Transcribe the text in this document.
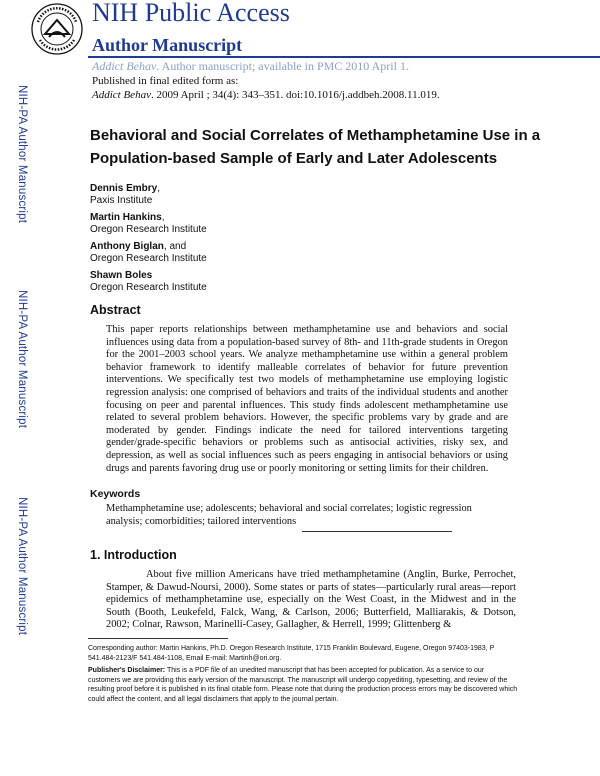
NIH Public Access
Author Manuscript
Addict Behav. Author manuscript; available in PMC 2010 April 1.
Published in final edited form as:
Addict Behav. 2009 April ; 34(4): 343–351. doi:10.1016/j.addbeh.2008.11.019.
NIH-PA Author Manuscript
NIH-PA Author Manuscript
NIH-PA Author Manuscript
Behavioral and Social Correlates of Methamphetamine Use in a Population-based Sample of Early and Later Adolescents
Dennis Embry,
Paxis Institute
Martin Hankins,
Oregon Research Institute
Anthony Biglan, and
Oregon Research Institute
Shawn Boles
Oregon Research Institute
Abstract
This paper reports relationships between methamphetamine use and behaviors and social influences using data from a population-based survey of 8th- and 11th-grade students in Oregon for the 2001–2003 school years. We analyze methamphetamine use within a general problem behavior framework to identify malleable correlates of behavior for future prevention interventions. We specifically test two models of methamphetamine use employing logistic regression analysis: one comprised of behaviors and traits of the individual students and another focusing on peer and parental influences. This study finds adolescent methamphetamine use related to several problem behaviors. However, the specific problems vary by grade and are moderated by gender. Findings indicate the need for tailored interventions targeting gender/grade-specific behaviors or problems such as antisocial activities, risky sex, and depression, as well as social influences such as peers engaging in antisocial behaviors or using drugs and parents favoring drug use or poorly monitoring or setting limits for their children.
Keywords
Methamphetamine use; adolescents; behavioral and social correlates; logistic regression analysis; comorbidities; tailored interventions
1. Introduction
About five million Americans have tried methamphetamine (Anglin, Burke, Perrochet, Stamper, & Dawud-Noursi, 2000). Some states or parts of states—particularly rural areas—report epidemics of methamphetamine use, especially on the West Coast, in the Midwest and in the South (Booth, Leukefeld, Falck, Wang, & Carlson, 2006; Butterfield, Malliarakis, & Dotson, 2002; Colnar, Rawson, Marinelli-Casey, Gallagher, & Herrell, 1999; Glittenberg &
Corresponding author: Martin Hankins, Ph.D. Oregon Research Institute, 1715 Franklin Boulevard, Eugene, Oregon 97403-1983, P 541.484-2123/F 541.484-1108, Email E-mail: Martinh@ori.org.
Publisher's Disclaimer: This is a PDF file of an unedited manuscript that has been accepted for publication. As a service to our customers we are providing this early version of the manuscript. The manuscript will undergo copyediting, typesetting, and review of the resulting proof before it is published in its final citable form. Please note that during the production process errors may be discovered which could affect the content, and all legal disclaimers that apply to the journal pertain.
